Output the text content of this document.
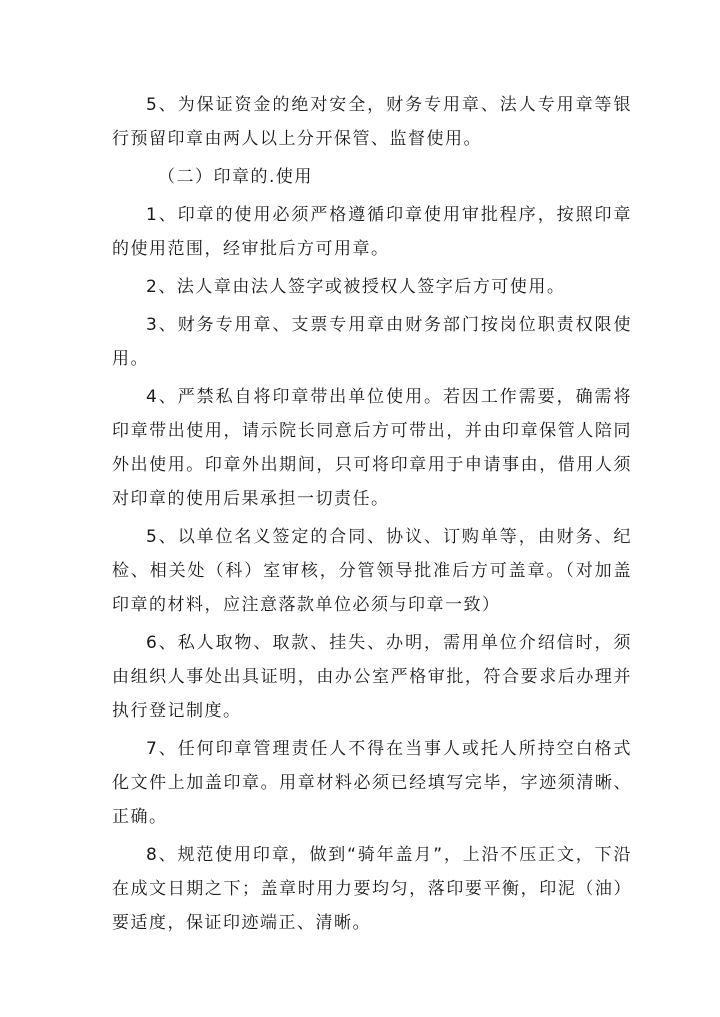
5、为保证资金的绝对安全，财务专用章、法人专用章等银行预留印章由两人以上分开保管、监督使用。

（二）印章的.使用

1、印章的使用必须严格遵循印章使用审批程序，按照印章的使用范围，经审批后方可用章。

2、法人章由法人签字或被授权人签字后方可使用。

3、财务专用章、支票专用章由财务部门按岗位职责权限使用。

4、严禁私自将印章带出单位使用。若因工作需要，确需将印章带出使用，请示院长同意后方可带出，并由印章保管人陪同外出使用。印章外出期间，只可将印章用于申请事由，借用人须对印章的使用后果承担一切责任。

5、以单位名义签定的合同、协议、订购单等，由财务、纪检、相关处（科）室审核，分管领导批准后方可盖章。（对加盖印章的材料，应注意落款单位必须与印章一致）

6、私人取物、取款、挂失、办明，需用单位介绍信时，须由组织人事处出具证明，由办公室严格审批，符合要求后办理并执行登记制度。

7、任何印章管理责任人不得在当事人或托人所持空白格式化文件上加盖印章。用章材料必须已经填写完毕，字迹须清晰、正确。

8、规范使用印章，做到“骑年盖月”，上沿不压正文，下沿在成文日期之下；盖章时用力要均匀，落印要平衡，印泥（油）要适度，保证印迹端正、清晰。
